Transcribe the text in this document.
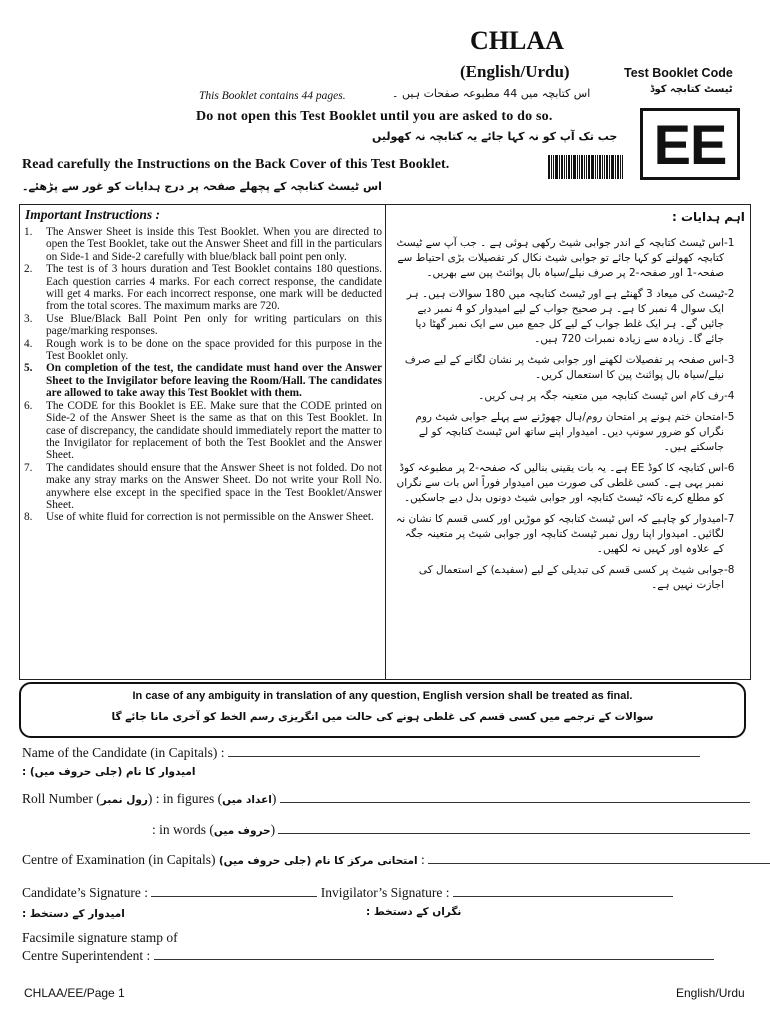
CHLAA
(English/Urdu)	Test Booklet Code
ٹیسٹ کتابچہ کوڈ
This Booklet contains 44 pages.	اس کتابچہ میں 44 مطبوعہ صفحات ہیں ۔
Do not open this Test Booklet until you are asked to do so.
جب تک آپ کو نہ کہا جائے یہ کتابچہ نہ کھولیں EE
Read carefully the Instructions on the Back Cover of this Test Booklet.
اس ٹیسٹ کتابچہ کے پچھلے صفحہ پر درج ہدایات کو غور سے پڑھئے۔
Important Instructions :
1.	The Answer Sheet is inside this Test Booklet. When you are directed to open the Test Booklet, take out the Answer Sheet and fill in the particulars on Side-1 and Side-2 carefully with blue/black ball point pen only.
2.	The test is of 3 hours duration and Test Booklet contains 180 questions. Each question carries 4 marks. For each correct response, the candidate will get 4 marks. For each incorrect response, one mark will be deducted from the total scores. The maximum marks are 720.
3.	Use Blue/Black Ball Point Pen only for writing particulars on this page/marking responses.
4.	Rough work is to be done on the space provided for this purpose in the Test Booklet only.
5.	On completion of the test, the candidate must hand over the Answer Sheet to the Invigilator before leaving the Room/Hall. The candidates are allowed to take away this Test Booklet with them.
6.	The CODE for this Booklet is EE. Make sure that the CODE printed on Side-2 of the Answer Sheet is the same as that on this Test Booklet. In case of discrepancy, the candidate should immediately report the matter to the Invigilator for replacement of both the Test Booklet and the Answer Sheet.
7.	The candidates should ensure that the Answer Sheet is not folded. Do not make any stray marks on the Answer Sheet. Do not write your Roll No. anywhere else except in the specified space in the Test Booklet/Answer Sheet.
8.	Use of white fluid for correction is not permissible on the Answer Sheet.
اہم ہدایات :
-1
اس ٹیسٹ کتابچہ کے اندر جوابی شیٹ رکھی ہوئی ہے ۔ جب آپ سے ٹیسٹ کتابچہ کھولنے کو کہا جائے تو جوابی شیٹ نکال کر تفصیلات بڑی احتیاط سے صفحہ-1 اور صفحہ-2 پر صرف نیلے/سیاہ بال پوائنٹ پین سے بھریں۔
-2
ٹیسٹ کی میعاد 3 گھنٹے ہے اور ٹیسٹ کتابچہ میں 180 سوالات ہیں۔ ہر ایک سوال 4 نمبر کا ہے۔ ہر صحیح جواب کے لیے امیدوار کو 4 نمبر دیے جائیں گے۔ ہر ایک غلط جواب کے لیے کل جمع میں سے ایک نمبر گھٹا دیا جائے گا۔ زیادہ سے زیادہ نمبرات 720 ہیں۔
-3
اس صفحہ پر تفصیلات لکھنے اور جوابی شیٹ پر نشان لگانے کے لیے صرف نیلے/سیاہ بال پوائنٹ پین کا استعمال کریں۔
-4
رف کام اس ٹیسٹ کتابچہ میں متعینہ جگہ پر ہی کریں۔
-5
امتحان ختم ہونے پر امتحان روم/ہال چھوڑنے سے پہلے جوابی شیٹ روم نگراں کو ضرور سونپ دیں۔ امیدوار اپنے ساتھ اس ٹیسٹ کتابچہ کو لے جاسکتے ہیں۔
-6
اس کتابچہ کا کوڈ EE ہے۔ یہ بات یقینی بنالیں کہ صفحہ-2 پر مطبوعہ کوڈ نمبر یہی ہے۔ کسی غلطی کی صورت میں امیدوار فوراً اس بات سے نگراں کو مطلع کرے تاکہ ٹیسٹ کتابچہ اور جوابی شیٹ دونوں بدل دیے جاسکیں۔
-7
امیدوار کو چاہیے کہ اس ٹیسٹ کتابچہ کو موڑیں اور کسی قسم کا نشان نہ لگائیں۔ امیدوار اپنا رول نمبر ٹیسٹ کتابچہ اور جوابی شیٹ پر متعینہ جگہ کے علاوہ اور کہیں نہ لکھیں۔
-8
جوابی شیٹ پر کسی قسم کی تبدیلی کے لیے (سفیدے) کے استعمال کی اجازت نہیں ہے۔
In case of any ambiguity in translation of any question, English version shall be treated as final.
سوالات کے ترجمے میں کسی قسم کی غلطی ہونے کی حالت میں انگریزی رسم الخط کو آخری مانا جائے گا
Name of the Candidate (in Capitals) :
امیدوار کا نام (جلی حروف میں) :
Roll Number (رول نمبر) : in figures (اعداد میں)
: in words (حروف میں)
Centre of Examination (in Capitals) امتحانی مرکز کا نام (جلی حروف میں) :
Candidate’s Signature :	Invigilator’s Signature :
امیدوار کے دستخط :	نگراں کے دستخط :
Facsimile signature stamp of
Centre Superintendent :
CHLAA/EE/Page 1	English/Urdu
